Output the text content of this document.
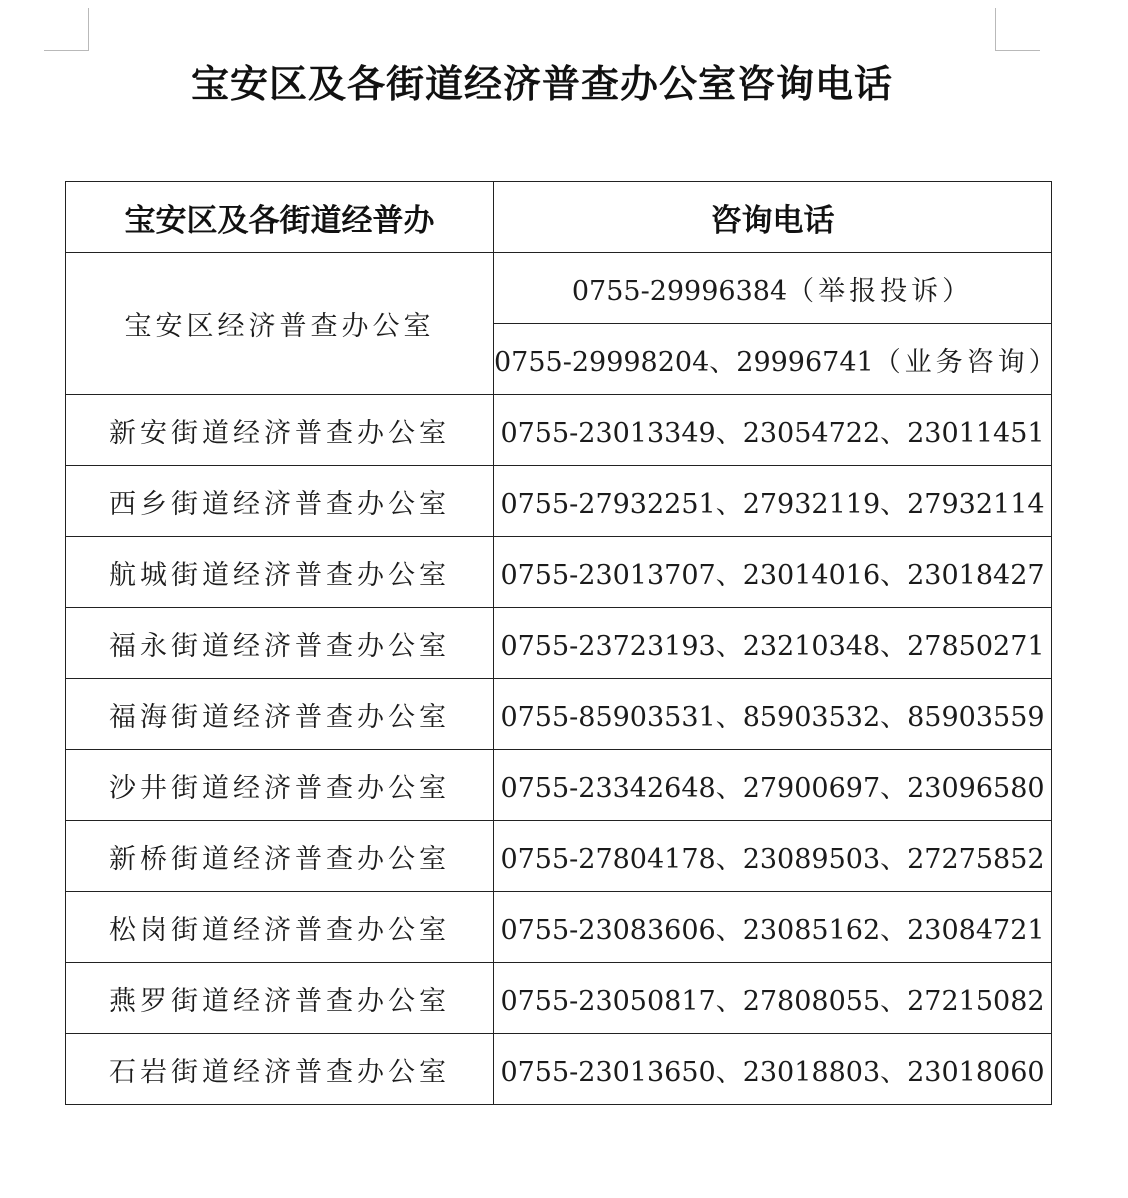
宝安区及各街道经济普查办公室咨询电话
宝安区及各街道经普办	咨询电话
宝安区经济普查办公室	0755-29996384（举报投诉）
	0755-29998204、29996741（业务咨询）
新安街道经济普查办公室	0755-23013349、23054722、23011451
西乡街道经济普查办公室	0755-27932251、27932119、27932114
航城街道经济普查办公室	0755-23013707、23014016、23018427
福永街道经济普查办公室	0755-23723193、23210348、27850271
福海街道经济普查办公室	0755-85903531、85903532、85903559
沙井街道经济普查办公室	0755-23342648、27900697、23096580
新桥街道经济普查办公室	0755-27804178、23089503、27275852
松岗街道经济普查办公室	0755-23083606、23085162、23084721
燕罗街道经济普查办公室	0755-23050817、27808055、27215082
石岩街道经济普查办公室	0755-23013650、23018803、23018060
